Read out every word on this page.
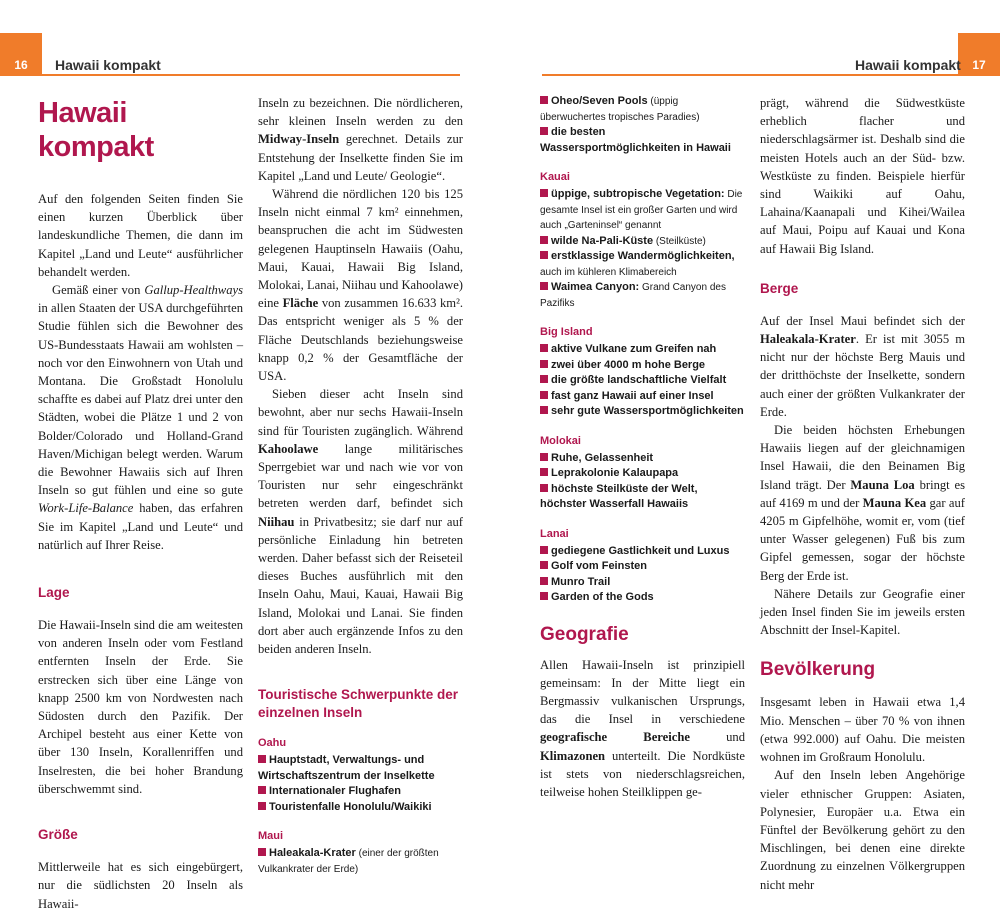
16 Hawaii kompakt	17
Hawaii kompakt
Hawaii kompakt

Auf den folgenden Seiten finden Sie einen kurzen Überblick über landeskundliche Themen, die dann im Kapitel „Land und Leute“ ausführlicher behandelt werden.

Gemäß einer von Gallup-Healthways in allen Staaten der USA durchgeführten Studie fühlen sich die Bewohner des US-Bundesstaats Hawaii am wohlsten – noch vor den Einwohnern von Utah und Montana. Die Großstadt Honolulu schaffte es dabei auf Platz drei unter den Städten, wobei die Plätze 1 und 2 von Bolder/Colorado und Holland-Grand Haven/Michigan belegt werden. Warum die Bewohner Hawaiis sich auf Ihren Inseln so gut fühlen und eine so gute Work-Life-Balance haben, das erfahren Sie im Kapitel „Land und Leute“ und natürlich auf Ihrer Reise.

Lage

Die Hawaii-Inseln sind die am weitesten von anderen Inseln oder vom Festland entfernten Inseln der Erde. Sie erstrecken sich über eine Länge von knapp 2500 km von Nordwesten nach Südosten durch den Pazifik. Der Archipel besteht aus einer Kette von über 130 Inseln, Korallenriffen und Inselresten, die bei hoher Brandung überschwemmt sind.

Größe

Mittlerweile hat es sich eingebürgert, nur die südlichsten 20 Inseln als Hawaii-

Inseln zu bezeichnen. Die nördlicheren, sehr kleinen Inseln werden zu den Midway-Inseln gerechnet. Details zur Entstehung der Inselkette finden Sie im Kapitel „Land und Leute/ Geologie“.

Während die nördlichen 120 bis 125 Inseln nicht einmal 7 km² einnehmen, beanspruchen die acht im Südwesten gelegenen Hauptinseln Hawaiis (Oahu, Maui, Kauai, Hawaii Big Island, Molokai, Lanai, Niihau und Kahoolawe) eine Fläche von zusammen 16.633 km². Das entspricht weniger als 5 % der Fläche Deutschlands beziehungsweise knapp 0,2 % der Gesamtfläche der USA.

Sieben dieser acht Inseln sind bewohnt, aber nur sechs Hawaii-Inseln sind für Touristen zugänglich. Während Kahoolawe lange militärisches Sperrgebiet war und nach wie vor von Touristen nur sehr eingeschränkt betreten werden darf, befindet sich Niihau in Privatbesitz; sie darf nur auf persönliche Einladung hin betreten werden. Daher befasst sich der Reiseteil dieses Buches ausführlich mit den Inseln Oahu, Maui, Kauai, Hawaii Big Island, Molokai und Lanai. Sie finden dort aber auch ergänzende Infos zu den beiden anderen Inseln.

Touristische Schwerpunkte der einzelnen Inseln
Oahu

Hauptstadt, Verwaltungs- und Wirtschaftszentrum der Inselkette

Internationaler Flughafen

Touristenfalle Honolulu/Waikiki

Maui

Haleakala-Krater (einer der größten Vulkankrater der Erde)

Oheo/Seven Pools (üppig überwuchertes tropisches Paradies)

die besten Wassersportmöglichkeiten in Hawaii

Kauai

üppige, subtropische Vegetation: Die gesamte Insel ist ein großer Garten und wird auch „Garteninsel“ genannt

wilde Na-Pali-Küste (Steilküste)

erstklassige Wandermöglichkeiten, auch im kühleren Klimabereich

Waimea Canyon: Grand Canyon des Pazifiks

Big Island

aktive Vulkane zum Greifen nah

zwei über 4000 m hohe Berge

die größte landschaftliche Vielfalt

fast ganz Hawaii auf einer Insel

sehr gute Wassersportmöglichkeiten

Molokai

Ruhe, Gelassenheit

Leprakolonie Kalaupapa

höchste Steilküste der Welt, höchster Wasserfall Hawaiis

Lanai

gediegene Gastlichkeit und Luxus

Golf vom Feinsten

Munro Trail

Garden of the Gods

Geografie

Allen Hawaii-Inseln ist prinzipiell gemeinsam: In der Mitte liegt ein Bergmassiv vulkanischen Ursprungs, das die Insel in verschiedene geografische Bereiche und Klimazonen unterteilt. Die Nordküste ist stets von niederschlagsreichen, teilweise hohen Steilklippen ge-

prägt, während die Südwestküste erheblich flacher und niederschlagsärmer ist. Deshalb sind die meisten Hotels auch an der Süd- bzw. Westküste zu finden. Beispiele hierfür sind Waikiki auf Oahu, Lahaina/Kaanapali und Kihei/Wailea auf Maui, Poipu auf Kauai und Kona auf Hawaii Big Island.

Berge

Auf der Insel Maui befindet sich der Haleakala-Krater. Er ist mit 3055 m nicht nur der höchste Berg Mauis und der dritthöchste der Inselkette, sondern auch einer der größten Vulkankrater der Erde.

Die beiden höchsten Erhebungen Hawaiis liegen auf der gleichnamigen Insel Hawaii, die den Beinamen Big Island trägt. Der Mauna Loa bringt es auf 4169 m und der Mauna Kea gar auf 4205 m Gipfelhöhe, womit er, vom (tief unter Wasser gelegenen) Fuß bis zum Gipfel gemessen, sogar der höchste Berg der Erde ist.

Nähere Details zur Geografie einer jeden Insel finden Sie im jeweils ersten Abschnitt der Insel-Kapitel.

Bevölkerung

Insgesamt leben in Hawaii etwa 1,4 Mio. Menschen – über 70 % von ihnen (etwa 992.000) auf Oahu. Die meisten wohnen im Großraum Honolulu.

Auf den Inseln leben Angehörige vieler ethnischer Gruppen: Asiaten, Polynesier, Europäer u.a. Etwa ein Fünftel der Bevölkerung gehört zu den Mischlingen, bei denen eine direkte Zuordnung zu einzelnen Völkergruppen nicht mehr
